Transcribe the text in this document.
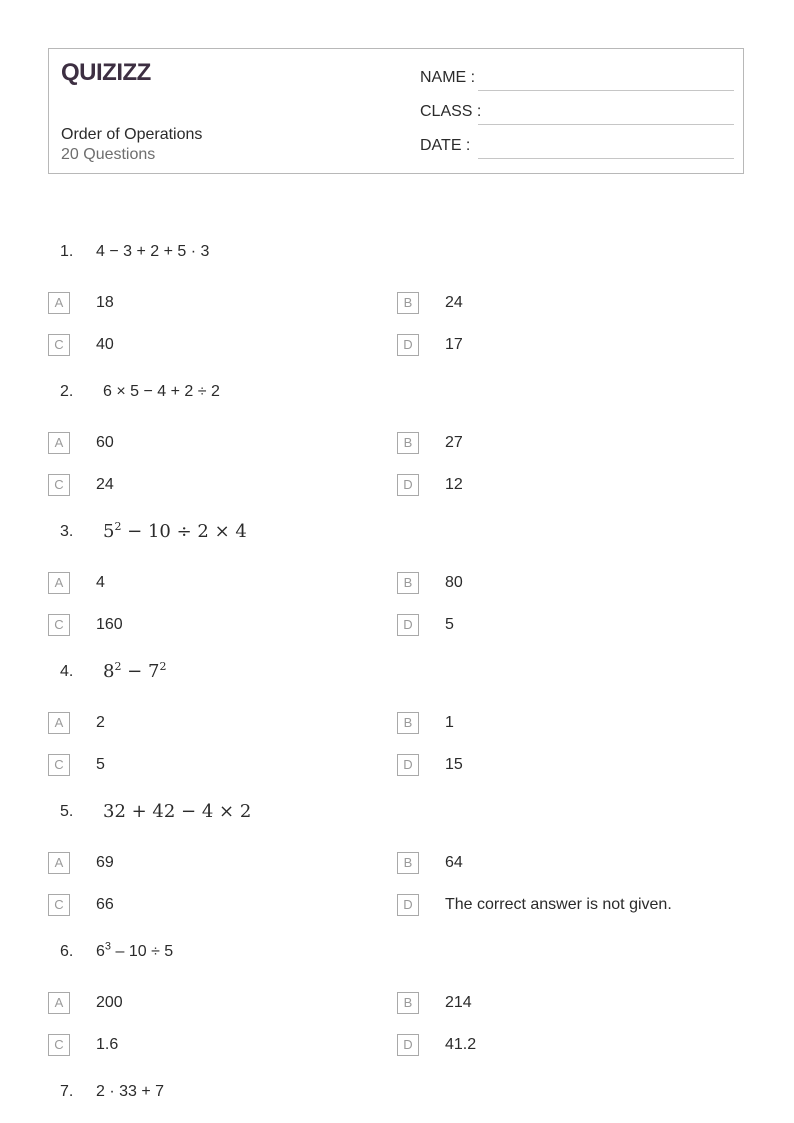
QUIZIZZ
Order of Operations
20 Questions
NAME :
CLASS :
DATE :
1. 4 − 3 + 2 + 5 · 3
A	18	B	24
C	40	D	17
2. 6 × 5 − 4 + 2 ÷ 2
A	60	B	27
C	24	D	12
3. $5^2 - 10 \div 2 \times 4$
A	4	B	80
C	160	D	5
4. $8^2 - 7^2$
A	2	B	1
C	5	D	15
5. 32 + 42 − 4 × 2
A	69	B	64
C	66	D	The correct answer is not given.
6. $6^3 - 10 \div 5$
A	200	B	214
C	1.6	D	41.2
7. 2 · 33 + 7
